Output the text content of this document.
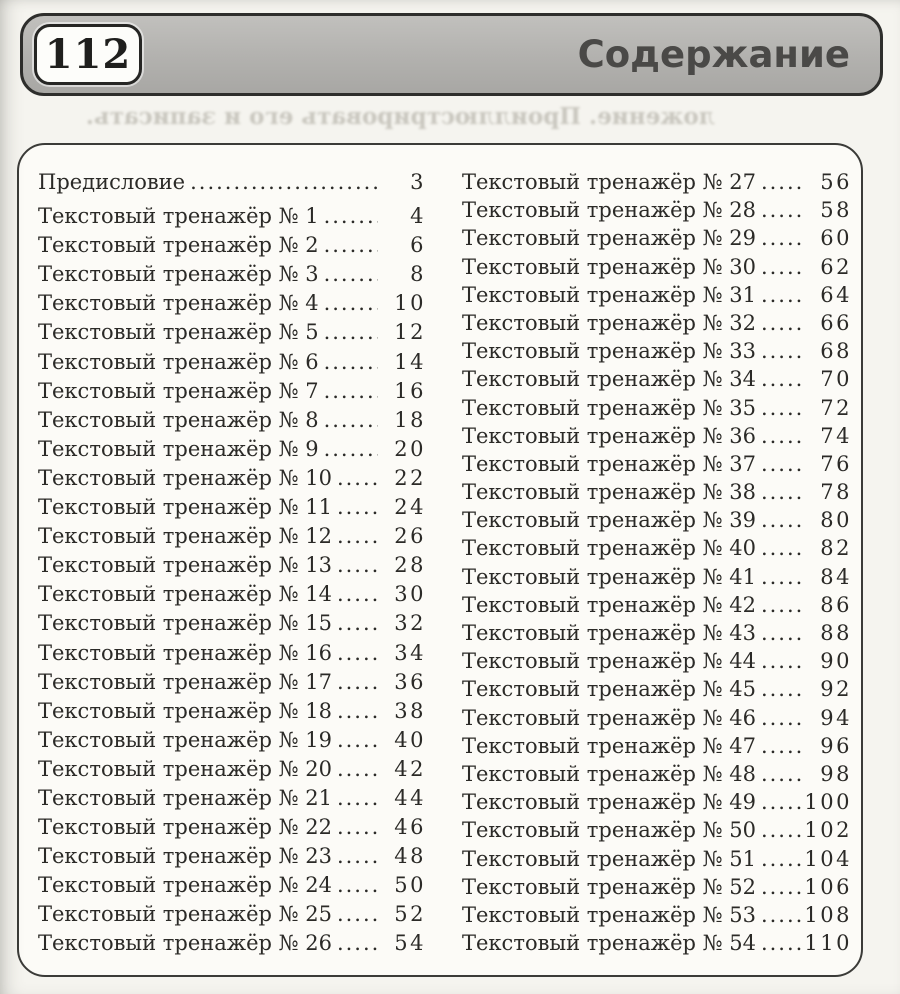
112	Содержание
ложение. Проиллюстрировать его и записать.
Предисловие .....	3
Текстовый тренажёр № 1 .....	4
Текстовый тренажёр № 2 .....	6
Текстовый тренажёр № 3 .....	8
Текстовый тренажёр № 4 .....	10
Текстовый тренажёр № 5 .....	12
Текстовый тренажёр № 6 .....	14
Текстовый тренажёр № 7 .....	16
Текстовый тренажёр № 8 .....	18
Текстовый тренажёр № 9 .....	20
Текстовый тренажёр № 10 .....	22
Текстовый тренажёр № 11 .....	24
Текстовый тренажёр № 12 .....	26
Текстовый тренажёр № 13 .....	28
Текстовый тренажёр № 14 .....	30
Текстовый тренажёр № 15 .....	32
Текстовый тренажёр № 16 .....	34
Текстовый тренажёр № 17 .....	36
Текстовый тренажёр № 18 .....	38
Текстовый тренажёр № 19 .....	40
Текстовый тренажёр № 20 .....	42
Текстовый тренажёр № 21 .....	44
Текстовый тренажёр № 22 .....	46
Текстовый тренажёр № 23 .....	48
Текстовый тренажёр № 24 .....	50
Текстовый тренажёр № 25 .....	52
Текстовый тренажёр № 26 .....	54
Текстовый тренажёр № 27 .....	56
Текстовый тренажёр № 28 .....	58
Текстовый тренажёр № 29 .....	60
Текстовый тренажёр № 30 .....	62
Текстовый тренажёр № 31 .....	64
Текстовый тренажёр № 32 .....	66
Текстовый тренажёр № 33 .....	68
Текстовый тренажёр № 34 .....	70
Текстовый тренажёр № 35 .....	72
Текстовый тренажёр № 36 .....	74
Текстовый тренажёр № 37 .....	76
Текстовый тренажёр № 38 .....	78
Текстовый тренажёр № 39 .....	80
Текстовый тренажёр № 40 .....	82
Текстовый тренажёр № 41 .....	84
Текстовый тренажёр № 42 .....	86
Текстовый тренажёр № 43 .....	88
Текстовый тренажёр № 44 .....	90
Текстовый тренажёр № 45 .....	92
Текстовый тренажёр № 46 .....	94
Текстовый тренажёр № 47 .....	96
Текстовый тренажёр № 48 .....	98
Текстовый тренажёр № 49 ..... 100
Текстовый тренажёр № 50 ..... 102
Текстовый тренажёр № 51 ..... 104
Текстовый тренажёр № 52 ..... 106
Текстовый тренажёр № 53 ..... 108
Текстовый тренажёр № 54 ..... 110
